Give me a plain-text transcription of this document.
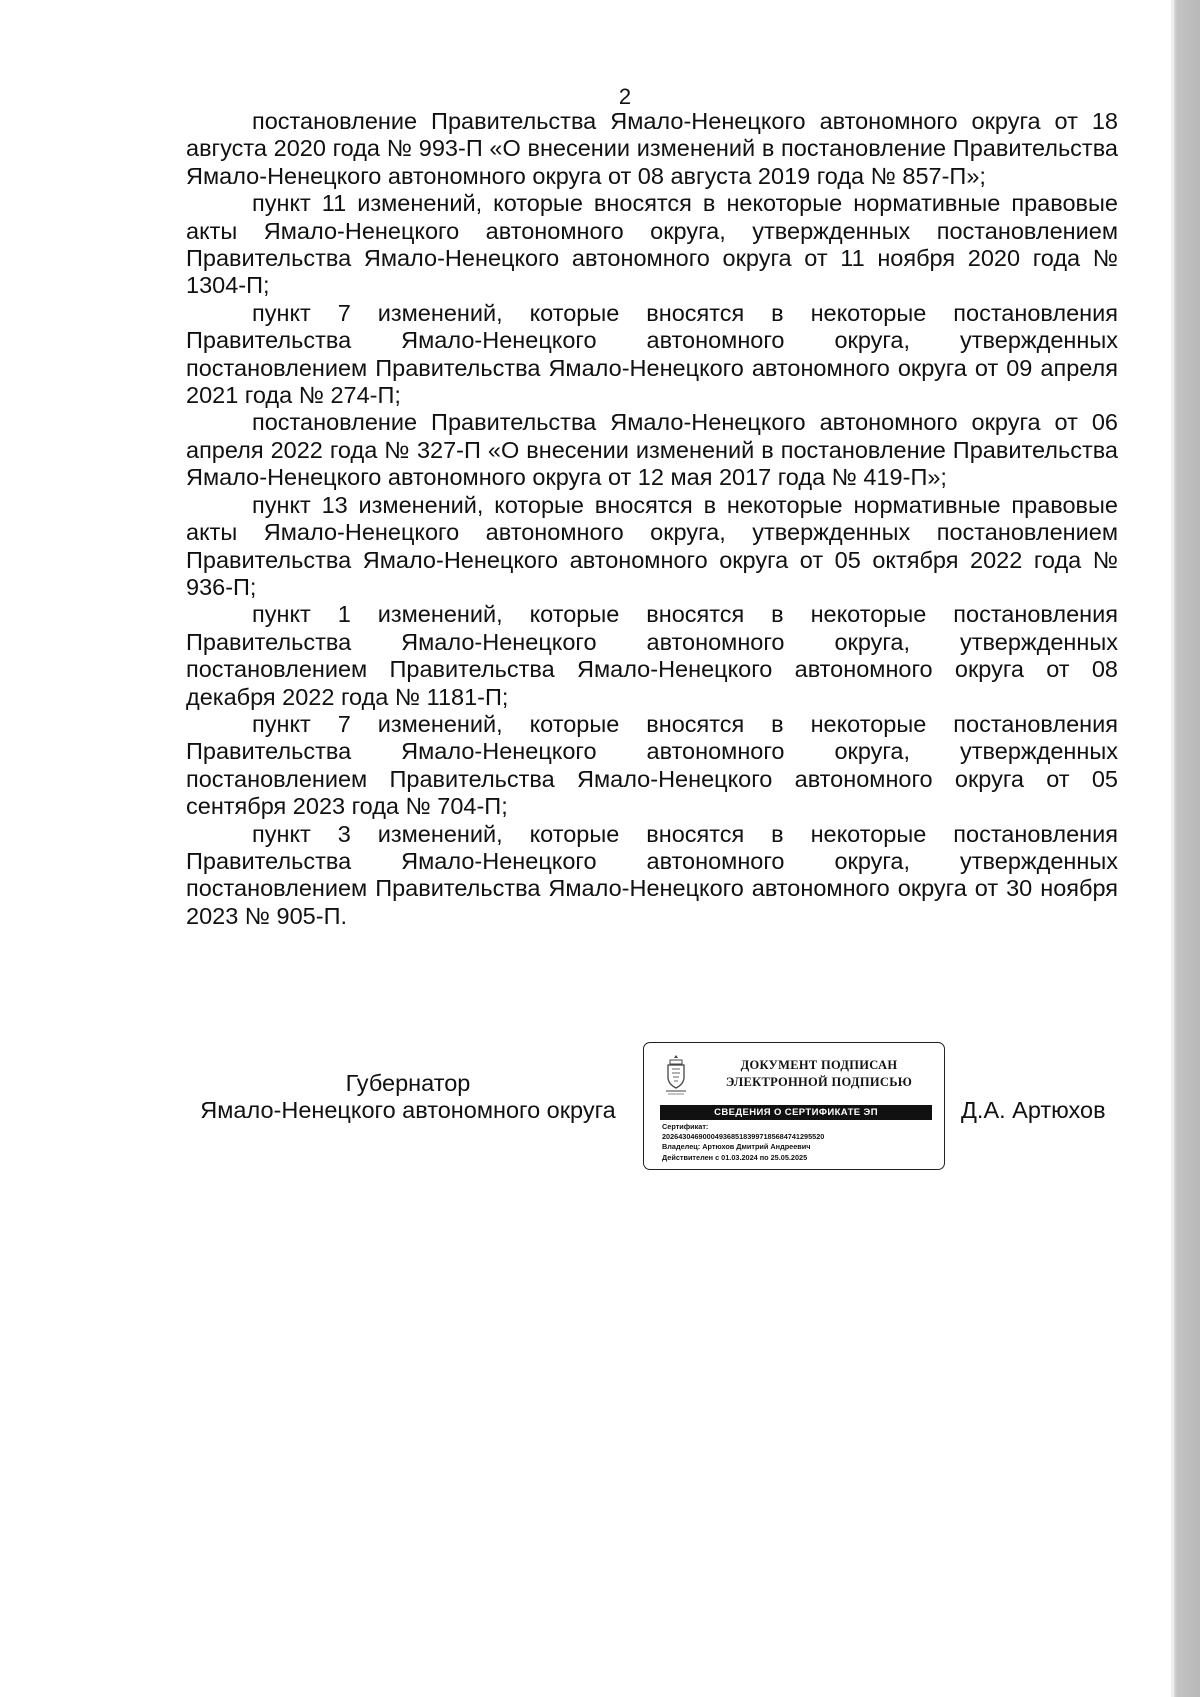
2

постановление Правительства Ямало-Ненецкого автономного округа от 18 августа 2020 года № 993-П «О внесении изменений в постановление Правительства Ямало-Ненецкого автономного округа от 08 августа 2019 года № 857-П»;

пункт 11 изменений, которые вносятся в некоторые нормативные правовые акты Ямало-Ненецкого автономного округа, утвержденных постановлением Правительства Ямало-Ненецкого автономного округа от 11 ноября 2020 года № 1304-П;

пункт 7 изменений, которые вносятся в некоторые постановления Правительства Ямало-Ненецкого автономного округа, утвержденных постановлением Правительства Ямало-Ненецкого автономного округа от 09 апреля 2021 года № 274-П;

постановление Правительства Ямало-Ненецкого автономного округа от 06 апреля 2022 года № 327-П «О внесении изменений в постановление Правительства Ямало-Ненецкого автономного округа от 12 мая 2017 года № 419-П»;

пункт 13 изменений, которые вносятся в некоторые нормативные правовые акты Ямало-Ненецкого автономного округа, утвержденных постановлением Правительства Ямало-Ненецкого автономного округа от 05 октября 2022 года № 936-П;

пункт 1 изменений, которые вносятся в некоторые постановления Правительства Ямало-Ненецкого автономного округа, утвержденных постановлением Правительства Ямало-Ненецкого автономного округа от 08 декабря 2022 года № 1181-П;

пункт 7 изменений, которые вносятся в некоторые постановления Правительства Ямало-Ненецкого автономного округа, утвержденных постановлением Правительства Ямало-Ненецкого автономного округа от 05 сентября 2023 года № 704-П;

пункт 3 изменений, которые вносятся в некоторые постановления Правительства Ямало-Ненецкого автономного округа, утвержденных постановлением Правительства Ямало-Ненецкого автономного округа от 30 ноября 2023 № 905-П.

Губернатор
Ямало-Ненецкого автономного округа
ДОКУМЕНТ ПОДПИСАН
ЭЛЕКТРОННОЙ ПОДПИСЬЮ
СВЕДЕНИЯ О СЕРТИФИКАТЕ ЭП
Сертификат:
2026430469000493685183997185684741295520
Владелец: Артюхов Дмитрий Андреевич
Действителен с 01.03.2024 по 25.05.2025
Д.А. Артюхов
